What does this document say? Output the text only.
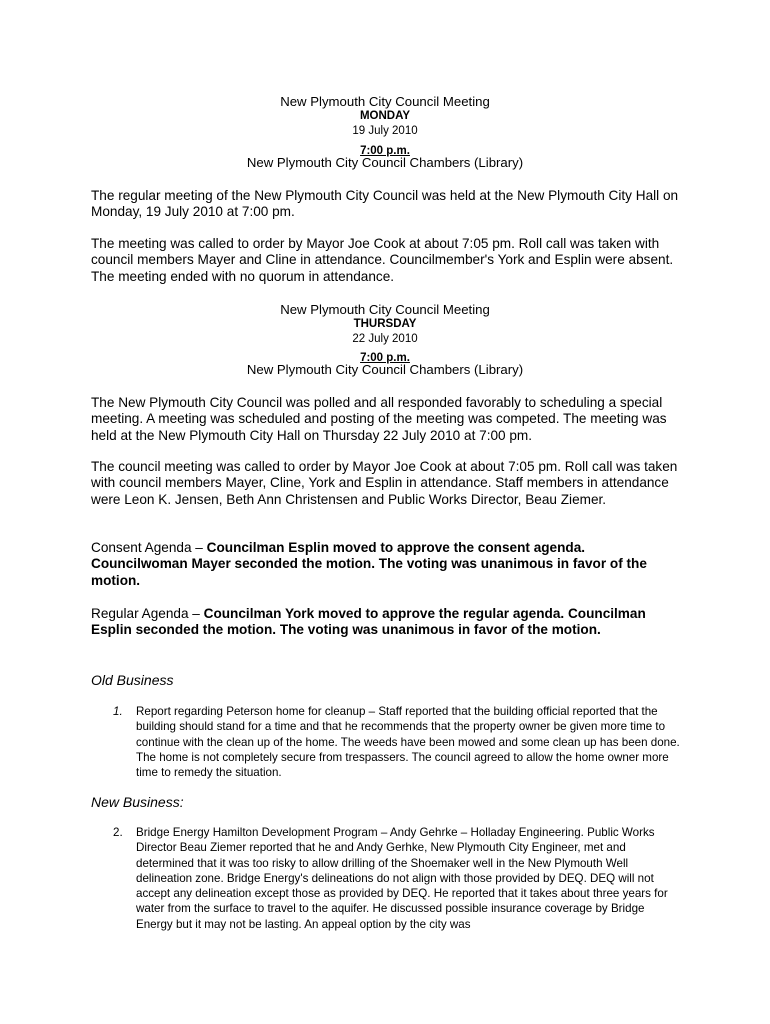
New Plymouth City Council Meeting
MONDAY
19 July 2010
7:00 p.m.
New Plymouth City Council Chambers (Library)
The regular meeting of the New Plymouth City Council was held at the New Plymouth City Hall on Monday, 19 July 2010 at 7:00 pm.
The meeting was called to order by Mayor Joe Cook at about 7:05 pm. Roll call was taken with council members Mayer and Cline in attendance. Councilmember's York and Esplin were absent. The meeting ended with no quorum in attendance.
New Plymouth City Council Meeting
THURSDAY
22 July 2010
7:00 p.m.
New Plymouth City Council Chambers (Library)
The New Plymouth City Council was polled and all responded favorably to scheduling a special meeting. A meeting was scheduled and posting of the meeting was competed. The meeting was held at the New Plymouth City Hall on Thursday 22 July 2010 at 7:00 pm.
The council meeting was called to order by Mayor Joe Cook at about 7:05 pm. Roll call was taken with council members Mayer, Cline, York and Esplin in attendance. Staff members in attendance were Leon K. Jensen, Beth Ann Christensen and Public Works Director, Beau Ziemer.
Consent Agenda – Councilman Esplin moved to approve the consent agenda. Councilwoman Mayer seconded the motion. The voting was unanimous in favor of the motion.
Regular Agenda – Councilman York moved to approve the regular agenda. Councilman Esplin seconded the motion. The voting was unanimous in favor of the motion.
Old Business
1.	Report regarding Peterson home for cleanup – Staff reported that the building official reported that the building should stand for a time and that he recommends that the property owner be given more time to continue with the clean up of the home. The weeds have been mowed and some clean up has been done. The home is not completely secure from trespassers. The council agreed to allow the home owner more time to remedy the situation.
New Business:
2.	Bridge Energy Hamilton Development Program – Andy Gehrke – Holladay Engineering. Public Works Director Beau Ziemer reported that he and Andy Gerhke, New Plymouth City Engineer, met and determined that it was too risky to allow drilling of the Shoemaker well in the New Plymouth Well delineation zone. Bridge Energy's delineations do not align with those provided by DEQ. DEQ will not accept any delineation except those as provided by DEQ. He reported that it takes about three years for water from the surface to travel to the aquifer. He discussed possible insurance coverage by Bridge Energy but it may not be lasting. An appeal option by the city was
